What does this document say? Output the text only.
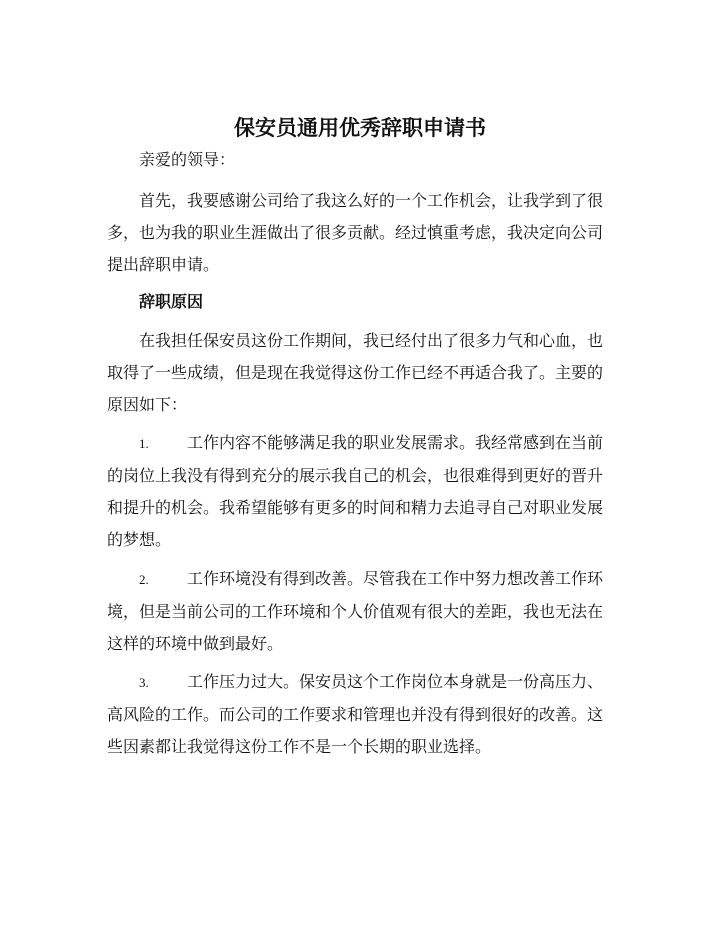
保安员通用优秀辞职申请书
亲爱的领导：
首先，我要感谢公司给了我这么好的一个工作机会，让我学到了很多，也为我的职业生涯做出了很多贡献。经过慎重考虑，我决定向公司提出辞职申请。
辞职原因
在我担任保安员这份工作期间，我已经付出了很多力气和心血，也取得了一些成绩，但是现在我觉得这份工作已经不再适合我了。主要的原因如下：
1. 工作内容不能够满足我的职业发展需求。我经常感到在当前的岗位上我没有得到充分的展示我自己的机会，也很难得到更好的晋升和提升的机会。我希望能够有更多的时间和精力去追寻自己对职业发展的梦想。
2. 工作环境没有得到改善。尽管我在工作中努力想改善工作环境，但是当前公司的工作环境和个人价值观有很大的差距，我也无法在这样的环境中做到最好。
3. 工作压力过大。保安员这个工作岗位本身就是一份高压力、高风险的工作。而公司的工作要求和管理也并没有得到很好的改善。这些因素都让我觉得这份工作不是一个长期的职业选择。
